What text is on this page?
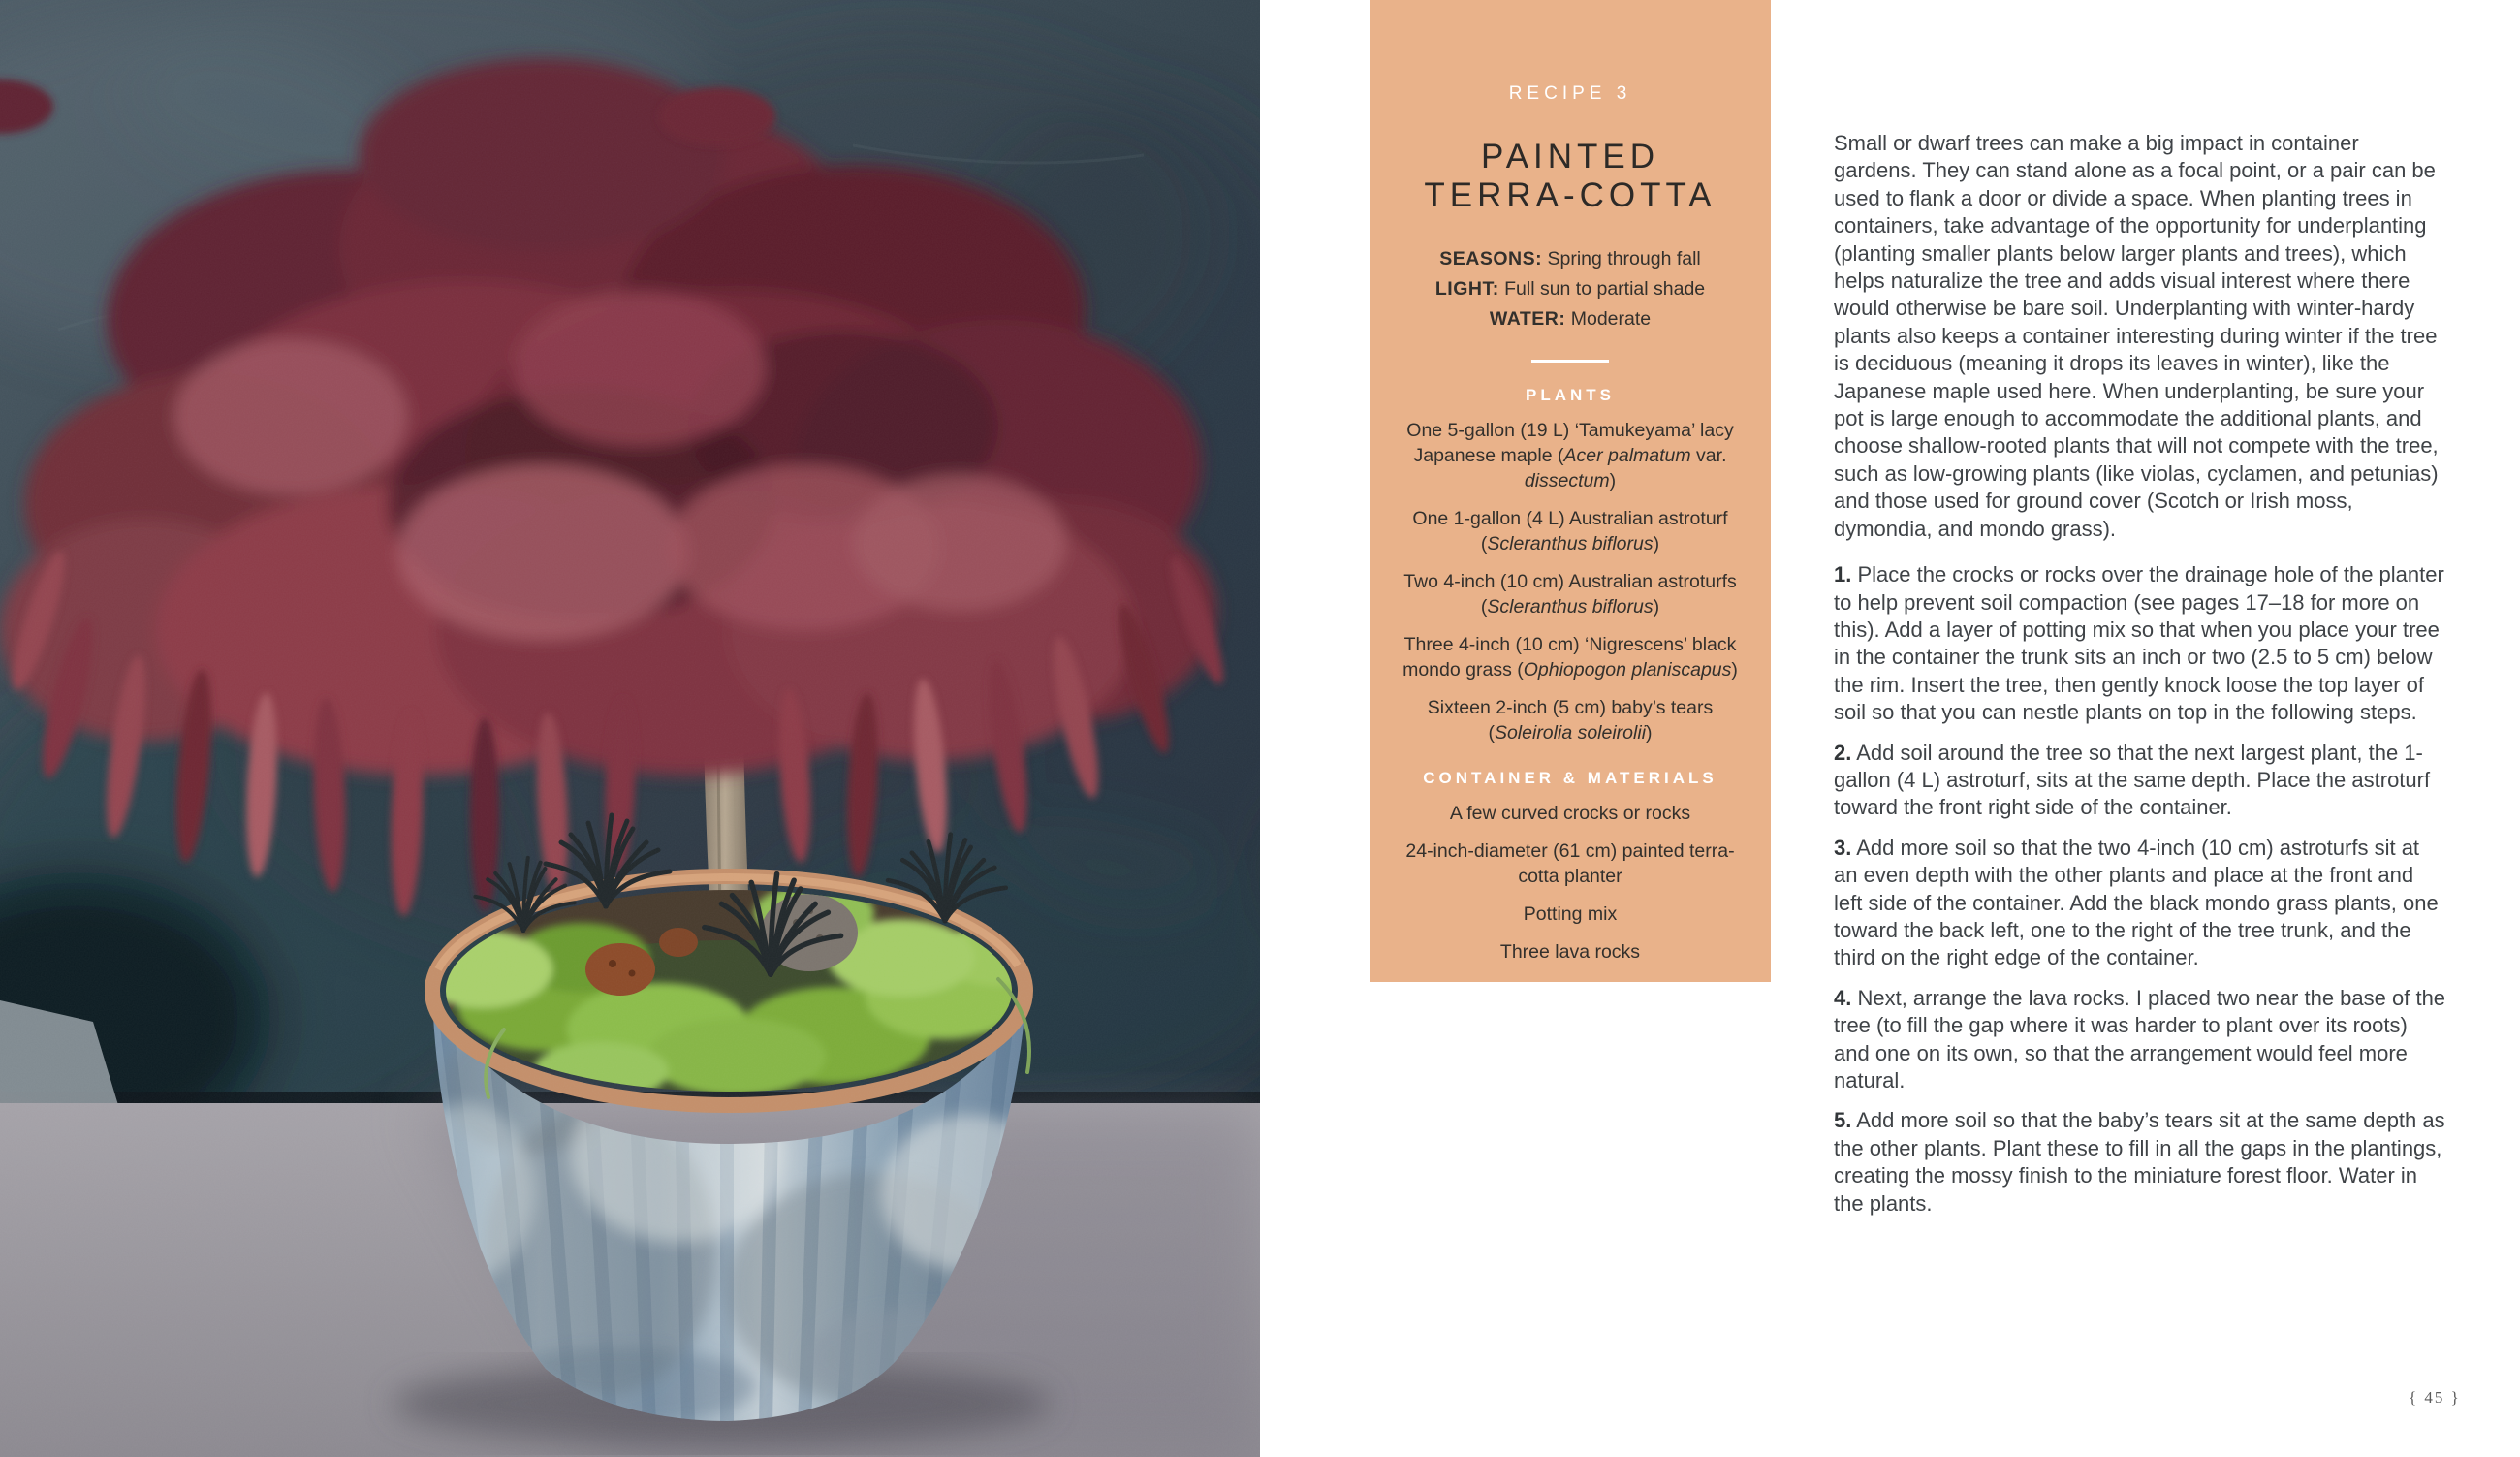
RECIPE 3
PAINTED
TERRA-COTTA
SEASONS: Spring through fall
LIGHT: Full sun to partial shade
WATER: Moderate
PLANTS

One 5-gallon (19 L) ‘Tamukeyama’ lacy Japanese maple (Acer palmatum var. dissectum)

One 1-gallon (4 L) Australian astroturf (Scleranthus biflorus)

Two 4-inch (10 cm) Australian astroturfs (Scleranthus biflorus)

Three 4-inch (10 cm) ‘Nigrescens’ black mondo grass (Ophiopogon planiscapus)

Sixteen 2-inch (5 cm) baby’s tears (Soleirolia soleirolii)

CONTAINER & MATERIALS

A few curved crocks or rocks

24-inch-diameter (61 cm) painted terra-cotta planter

Potting mix

Three lava rocks

Small or dwarf trees can make a big impact in container gardens. They can stand alone as a focal point, or a pair can be used to flank a door or divide a space. When planting trees in containers, take advantage of the opportunity for underplanting (planting smaller plants below larger plants and trees), which helps naturalize the tree and adds visual interest where there would otherwise be bare soil. Underplanting with winter-hardy plants also keeps a container interesting during winter if the tree is deciduous (meaning it drops its leaves in winter), like the Japanese maple used here. When underplanting, be sure your pot is large enough to accommodate the additional plants, and choose shallow-rooted plants that will not compete with the tree, such as low-growing plants (like violas, cyclamen, and petunias) and those used for ground cover (Scotch or Irish moss, dymondia, and mondo grass).

1. Place the crocks or rocks over the drainage hole of the planter to help prevent soil compaction (see pages 17–18 for more on this). Add a layer of potting mix so that when you place your tree in the container the trunk sits an inch or two (2.5 to 5 cm) below the rim. Insert the tree, then gently knock loose the top layer of soil so that you can nestle plants on top in the following steps.

2. Add soil around the tree so that the next largest plant, the 1-gallon (4 L) astroturf, sits at the same depth. Place the astroturf toward the front right side of the container.

3. Add more soil so that the two 4-inch (10 cm) astroturfs sit at an even depth with the other plants and place at the front and left side of the container. Add the black mondo grass plants, one toward the back left, one to the right of the tree trunk, and the third on the right edge of the container.

4. Next, arrange the lava rocks. I placed two near the base of the tree (to fill the gap where it was harder to plant over its roots) and one on its own, so that the arrangement would feel more natural.

5. Add more soil so that the baby’s tears sit at the same depth as the other plants. Plant these to fill in all the gaps in the plantings, creating the mossy finish to the miniature forest floor. Water in the plants.

{ 45 }
